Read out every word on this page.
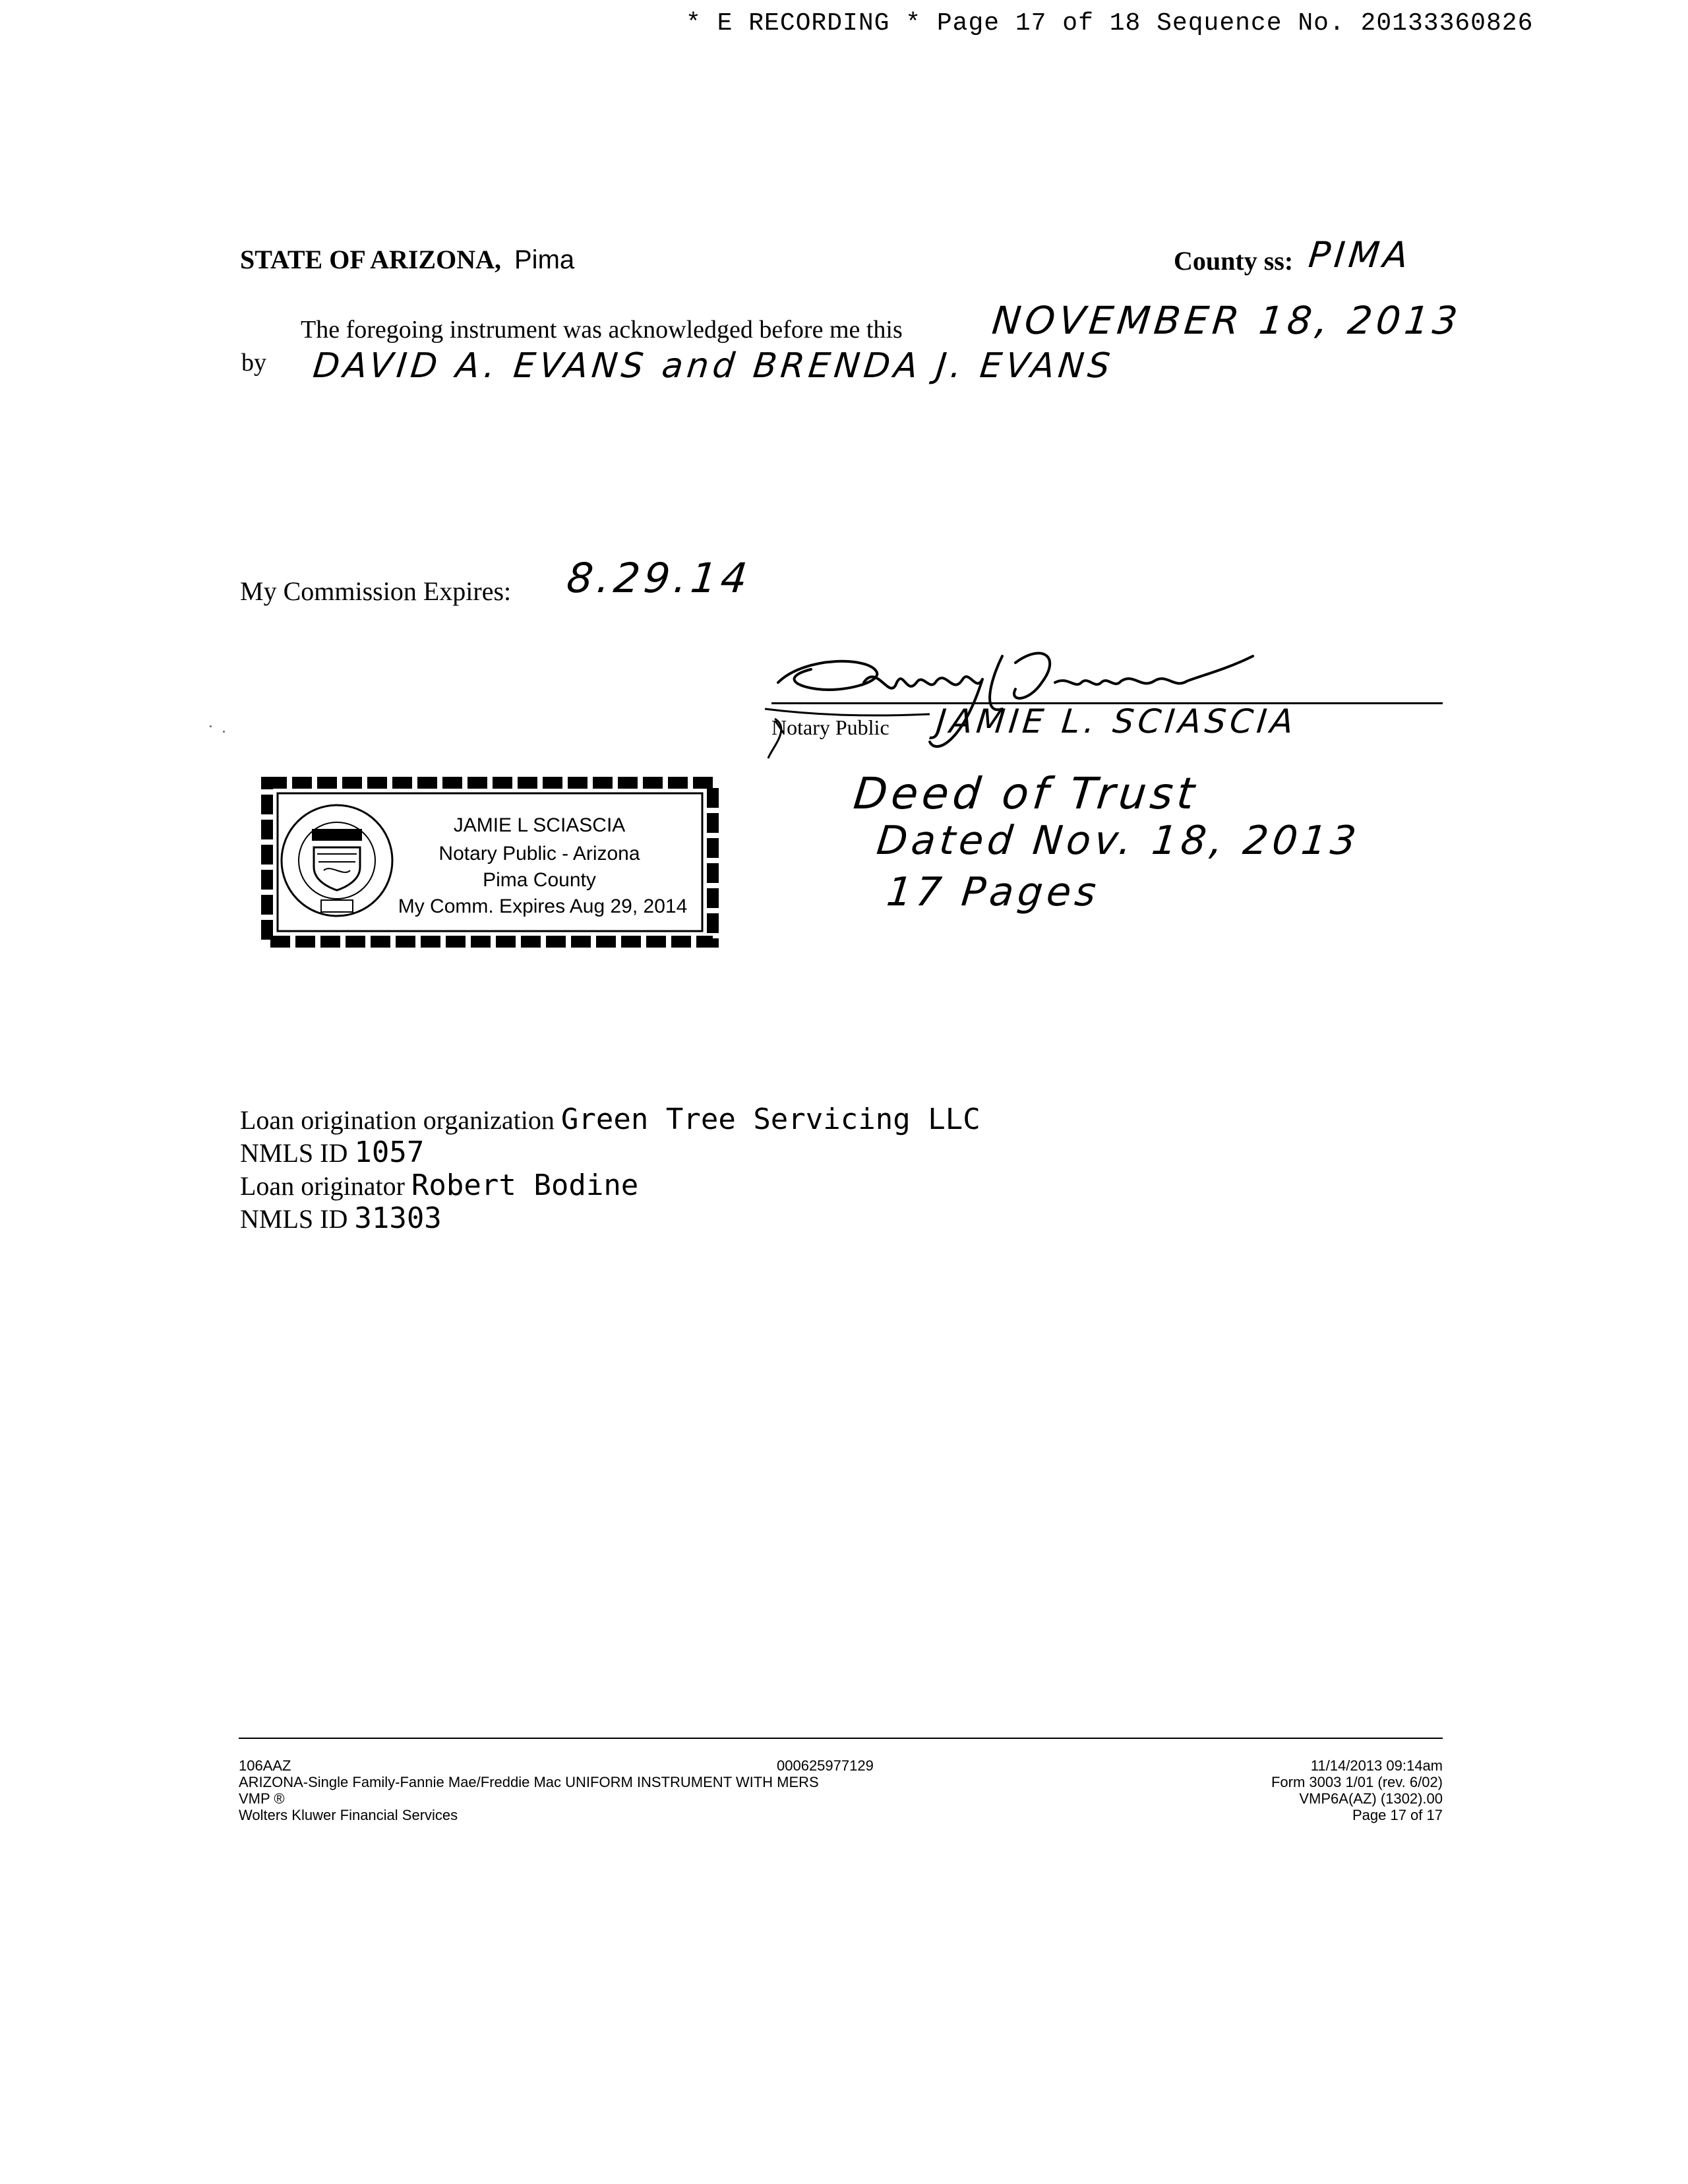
* E RECORDING * Page 17 of 18 Sequence No. 20133360826
STATE OF ARIZONA, Pima	County ss: PIMA
The foregoing instrument was acknowledged before me this NOVEMBER 18, 2013
by DAVID A. EVANS and BRENDA J. EVANS
My Commission Expires: 8.29.14
Notary Public JAMIE L. SCIASCIA
Deed of Trust
Dated Nov. 18, 2013
17 Pages
JAMIE L SCIASCIA
Notary Public - Arizona
Pima County
My Comm. Expires Aug 29, 2014
Loan origination organization Green Tree Servicing LLC
NMLS ID 1057
Loan originator Robert Bodine
NMLS ID 31303
106AAZ
ARIZONA-Single Family-Fannie Mae/Freddie Mac UNIFORM INSTRUMENT WITH MERS
VMP ®
Wolters Kluwer Financial Services
000625977129	11/14/2013 09:14am
Form 3003 1/01 (rev. 6/02)
VMP6A(AZ) (1302).00
Page 17 of 17
